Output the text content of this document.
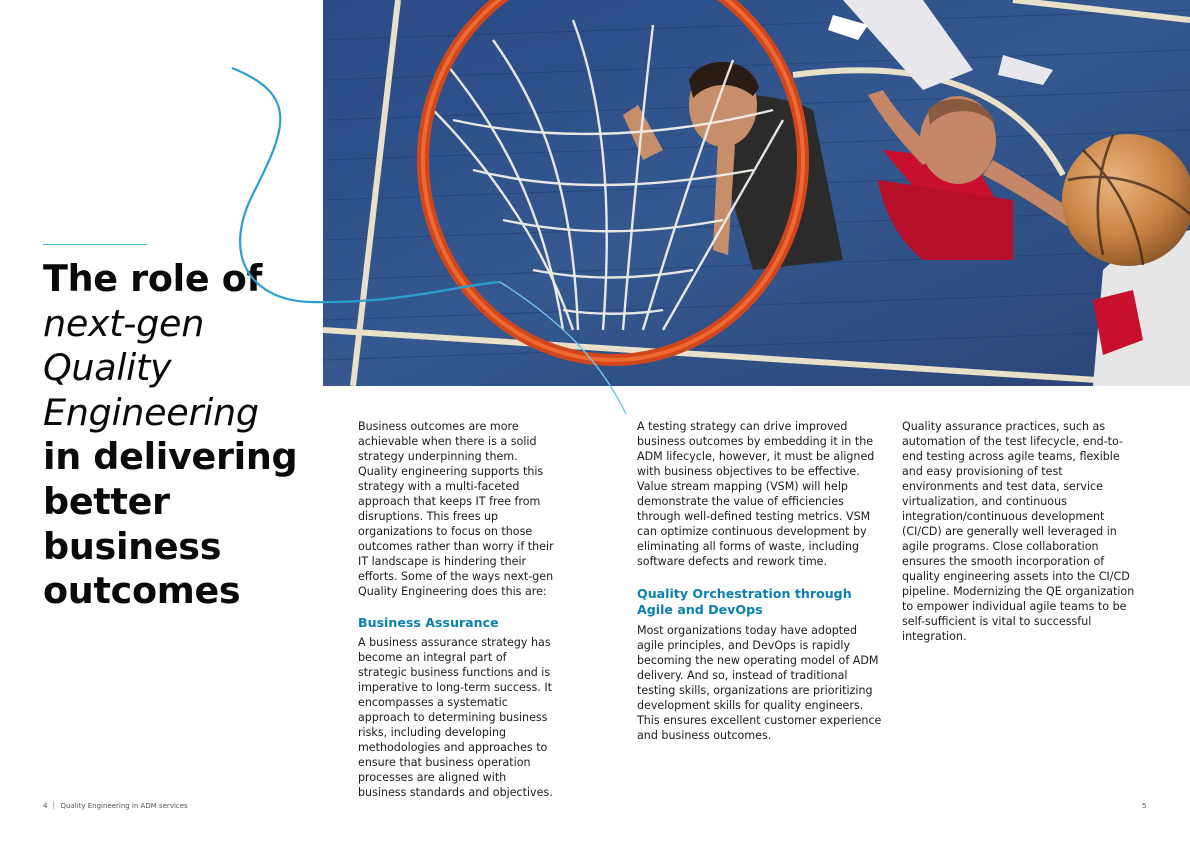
The role of
next-gen
Quality
Engineering
in delivering
better
business
outcomes

Business outcomes are more achievable when there is a solid strategy underpinning them. Quality engineering supports this strategy with a multi-faceted approach that keeps IT free from disruptions. This frees up organizations to focus on those outcomes rather than worry if their IT landscape is hindering their efforts. Some of the ways next-gen Quality Engineering does this are:

Business Assurance

A business assurance strategy has become an integral part of strategic business functions and is imperative to long-term success. It encompasses a systematic approach to determining business risks, including developing methodologies and approaches to ensure that business operation processes are aligned with business standards and objectives.

A testing strategy can drive improved business outcomes by embedding it in the ADM lifecycle, however, it must be aligned with business objectives to be effective. Value stream mapping (VSM) will help demonstrate the value of efficiencies through well-defined testing metrics. VSM can optimize continuous development by eliminating all forms of waste, including software defects and rework time.

Quality Orchestration through Agile and DevOps

Most organizations today have adopted agile principles, and DevOps is rapidly becoming the new operating model of ADM delivery. And so, instead of traditional testing skills, organizations are prioritizing development skills for quality engineers. This ensures excellent customer experience and business outcomes.

Quality assurance practices, such as automation of the test lifecycle, end-to-end testing across agile teams, flexible and easy provisioning of test environments and test data, service virtualization, and continuous integration/continuous development (CI/CD) are generally well leveraged in agile programs. Close collaboration ensures the smooth incorporation of quality engineering assets into the CI/CD pipeline. Modernizing the QE organization to empower individual agile teams to be self-sufficient is vital to successful integration.

4 Quality Engineering in ADM services	5
